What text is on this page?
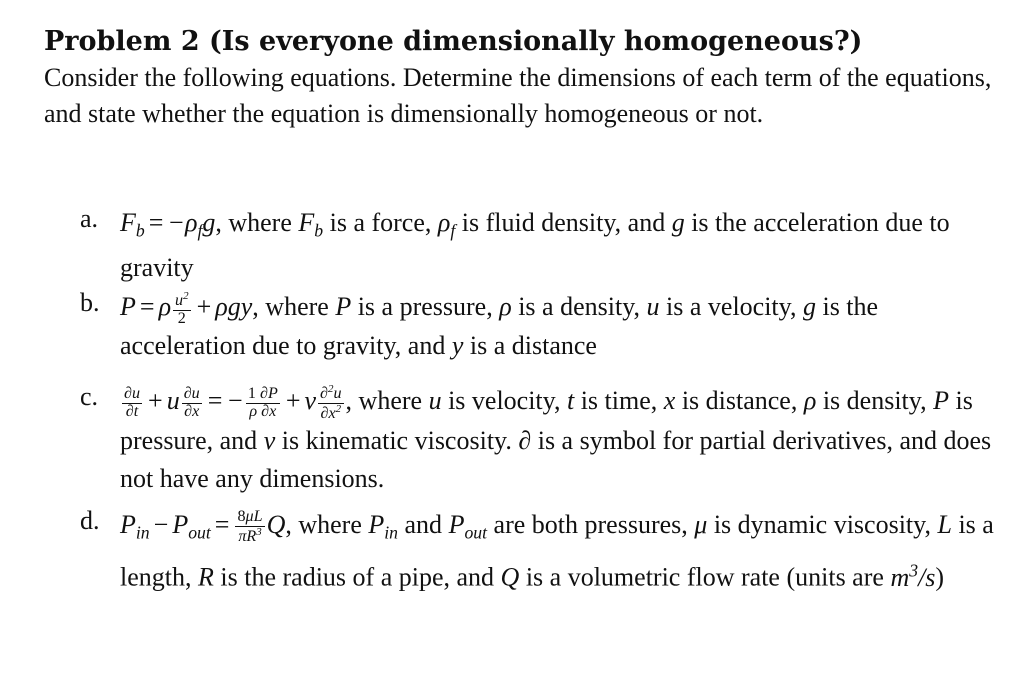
Problem 2 (Is everyone dimensionally homogeneous?)

Consider the following equations. Determine the dimensions of each term of the equations, and state whether the equation is dimensionally homogeneous or not.

a. $F_b = -\rho_fg$, where $F_b$ is a force, $\rho_f$ is fluid density, and g is the acceleration due to gravity
b. P = ρ $\frac{u^2}{2} + \rho gy$, where P is a pressure, ρ is a density, u is a velocity, g is the acceleration due to gravity, and y is a distance
c.	$\frac{\partial u}{\partial t} + u \frac{\partial u}{\partial x}$ = − $\frac{1 \partial P}{\rho \partial x} + \nu \frac{\partial^2u}{\partial x^2}$ , where u is velocity, t is time, x is distance, ρ is density, P is pressure, and ν is kinematic viscosity. ∂ is a symbol for partial derivatives, and does not have any dimensions.
d. $P_{in} - P_{out} = \frac{8\mu L}{\pi R^3} Q$, where $P_{in}$ and $P_{out}$ are both pressures, μ is dynamic viscosity, L is a length, R is the radius of a pipe, and Q is a volumetric flow rate (units are $m^3/s$)
